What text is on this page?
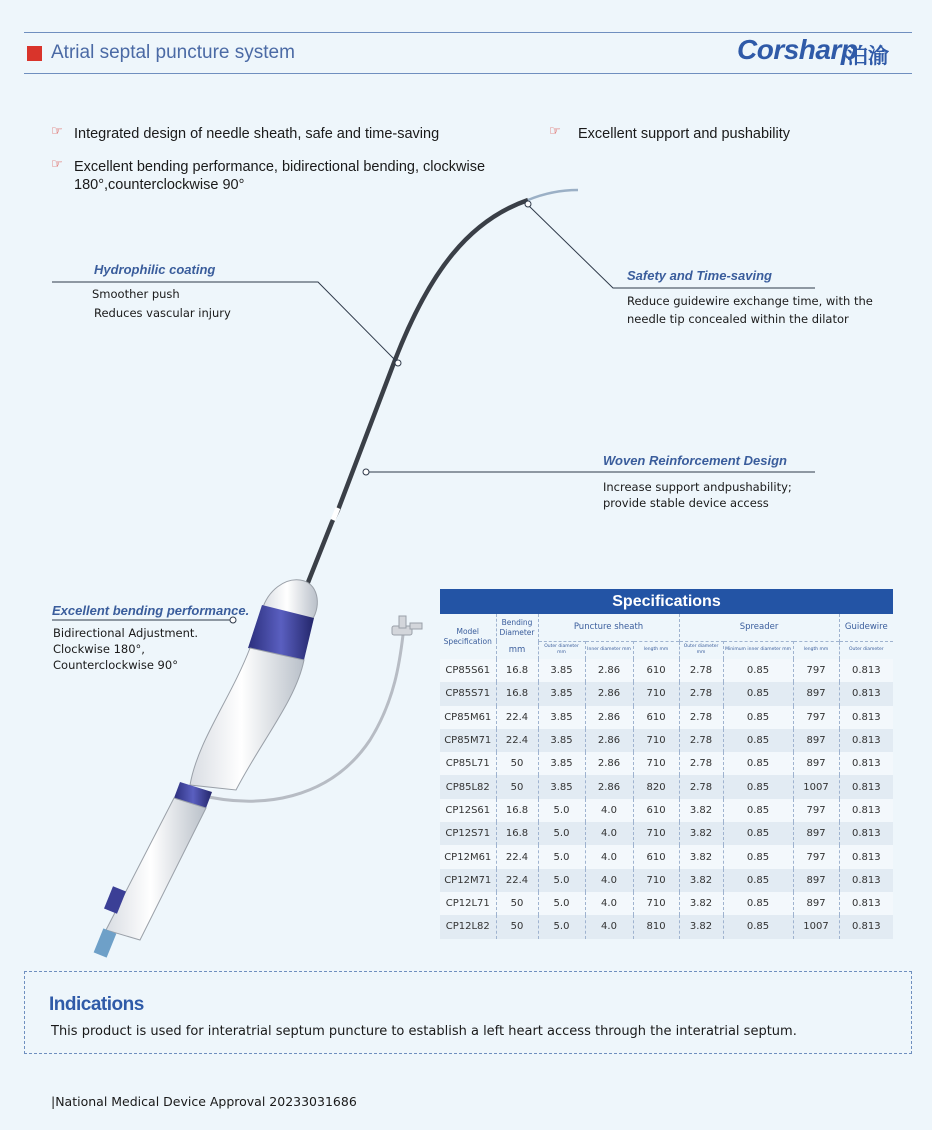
Atrial septal puncture system	Corsharp
泊渝
☞ Integrated design of needle sheath, safe and time-saving	☞ Excellent support and pushability
☞ Excellent bending performance, bidirectional bending, clockwise
180°,counterclockwise 90°
Hydrophilic coating
Smoother push
Reduces vascular injury
Safety and Time-saving
Reduce guidewire exchange time, with the
needle tip concealed within the dilator
Woven Reinforcement Design
Increase support andpushability;
provide stable device access
Excellent bending performance.
Bidirectional Adjustment.
Clockwise 180°,
Counterclockwise 90°
Specifications
Model Specification	Bending Diameter	Puncture sheath			Spreader			Guidewire
	mm	Outer diameter mm	Inner diameter mm	length mm	Outer diameter mm	Minimum inner diameter mm	length mm	Outer diameter
CP85S61	16.8	3.85	2.86	610	2.78	0.85	797	0.813
CP85S71	16.8	3.85	2.86	710	2.78	0.85	897	0.813
CP85M61	22.4	3.85	2.86	610	2.78	0.85	797	0.813
CP85M71	22.4	3.85	2.86	710	2.78	0.85	897	0.813
CP85L71	50	3.85	2.86	710	2.78	0.85	897	0.813
CP85L82	50	3.85	2.86	820	2.78	0.85	1007	0.813
CP12S61	16.8	5.0	4.0	610	3.82	0.85	797	0.813
CP12S71	16.8	5.0	4.0	710	3.82	0.85	897	0.813
CP12M61	22.4	5.0	4.0	610	3.82	0.85	797	0.813
CP12M71	22.4	5.0	4.0	710	3.82	0.85	897	0.813
CP12L71	50	5.0	4.0	710	3.82	0.85	897	0.813
CP12L82	50	5.0	4.0	810	3.82	0.85	1007	0.813
Indications
This product is used for interatrial septum puncture to establish a left heart access through the interatrial septum.
|National Medical Device Approval 20233031686
